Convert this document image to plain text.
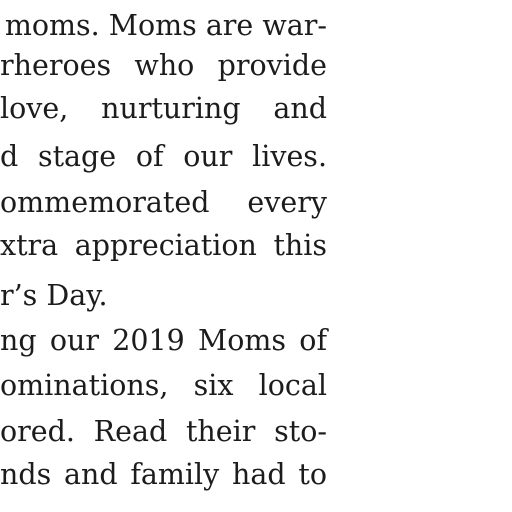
moms. Moms are war-
rheroes who provide
love, nurturing and
d stage of our lives.
ommemorated every
xtra appreciation this
r’s Day.
ng our 2019 Moms of
ominations, six local
ored. Read their sto-
nds and family had to
